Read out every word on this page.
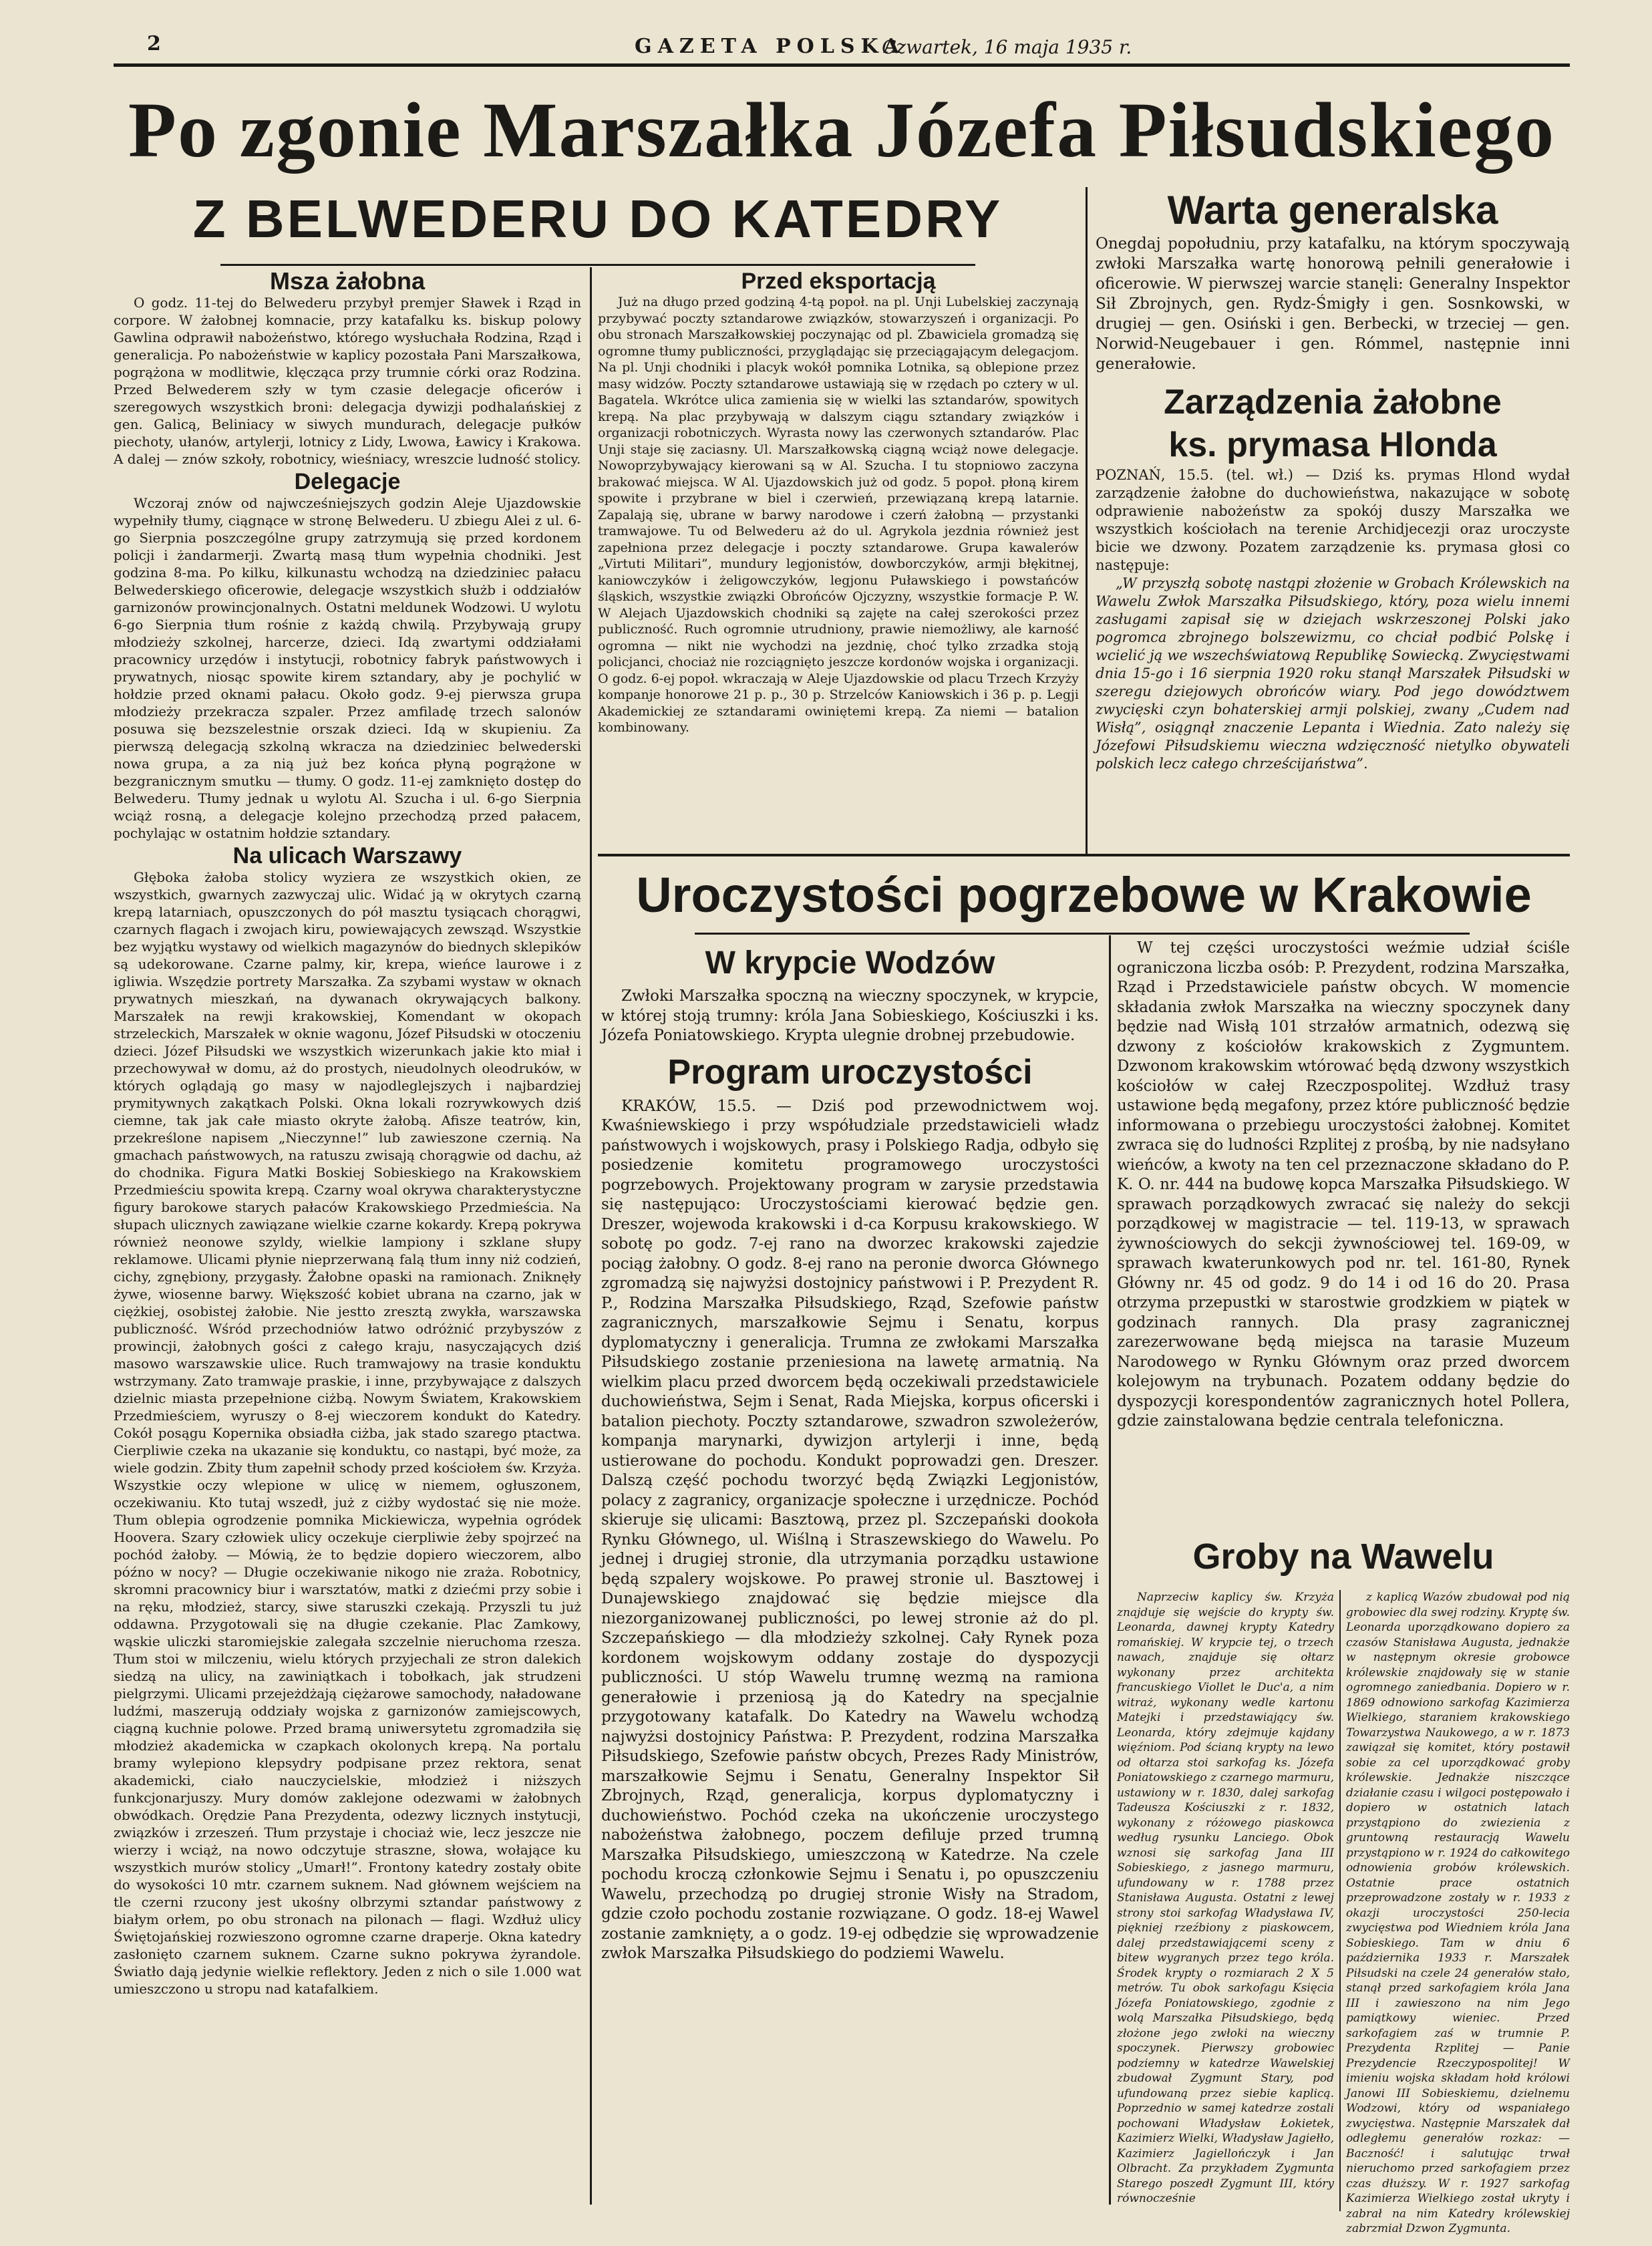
2	GAZETA POLSKA
Czwartek, 16 maja 1935 r.
Po zgonie Marszałka Józefa Piłsudskiego
Z BELWEDERU DO KATEDRY
Msza żałobna

O godz. 11-tej do Belwederu przybył premjer Sławek i Rząd in corpore. W żałobnej komnacie, przy katafalku ks. biskup polowy Gawlina odprawił nabożeństwo, którego wysłuchała Rodzina, Rząd i generalicja. Po nabożeństwie w kaplicy pozostała Pani Marszałkowa, pogrążona w modlitwie, klęcząca przy trumnie córki oraz Rodzina. Przed Belwederem szły w tym czasie delegacje oficerów i szeregowych wszystkich broni: delegacja dywizji podhalańskiej z gen. Galicą, Beliniacy w siwych mundurach, delegacje pułków piechoty, ułanów, artylerji, lotnicy z Lidy, Lwowa, Ławicy i Krakowa. A dalej — znów szkoły, robotnicy, wieśniacy, wreszcie ludność stolicy.

Delegacje

Wczoraj znów od najwcześniejszych godzin Aleje Ujazdowskie wypełniły tłumy, ciągnące w stronę Belwederu. U zbiegu Alei z ul. 6-go Sierpnia poszczególne grupy zatrzymują się przed kordonem policji i żandarmerji. Zwartą masą tłum wypełnia chodniki. Jest godzina 8-ma. Po kilku, kilkunastu wchodzą na dziedziniec pałacu Belwederskiego oficerowie, delegacje wszystkich służb i oddziałów garnizonów prowincjonalnych. Ostatni meldunek Wodzowi. U wylotu 6-go Sierpnia tłum rośnie z każdą chwilą. Przybywają grupy młodzieży szkolnej, harcerze, dzieci. Idą zwartymi oddziałami pracownicy urzędów i instytucji, robotnicy fabryk państwowych i prywatnych, niosąc spowite kirem sztandary, aby je pochylić w hołdzie przed oknami pałacu. Około godz. 9-ej pierwsza grupa młodzieży przekracza szpaler. Przez amfiladę trzech salonów posuwa się bezszelestnie orszak dzieci. Idą w skupieniu. Za pierwszą delegacją szkolną wkracza na dziedziniec belwederski nowa grupa, a za nią już bez końca płyną pogrążone w bezgranicznym smutku — tłumy. O godz. 11-ej zamknięto dostęp do Belwederu. Tłumy jednak u wylotu Al. Szucha i ul. 6-go Sierpnia wciąż rosną, a delegacje kolejno przechodzą przed pałacem, pochylając w ostatnim hołdzie sztandary.

Na ulicach Warszawy

Głęboka żałoba stolicy wyziera ze wszystkich okien, ze wszystkich, gwarnych zazwyczaj ulic. Widać ją w okrytych czarną krepą latarniach, opuszczonych do pół masztu tysiącach chorągwi, czarnych flagach i zwojach kiru, powiewających zewsząd. Wszystkie bez wyjątku wystawy od wielkich magazynów do biednych sklepików są udekorowane. Czarne palmy, kir, krepa, wieńce laurowe i z igliwia. Wszędzie portrety Marszałka. Za szybami wystaw w oknach prywatnych mieszkań, na dywanach okrywających balkony. Marszałek na rewji krakowskiej, Komendant w okopach strzeleckich, Marszałek w oknie wagonu, Józef Piłsudski w otoczeniu dzieci. Józef Piłsudski we wszystkich wizerunkach jakie kto miał i przechowywał w domu, aż do prostych, nieudolnych oleodruków, w których oglądają go masy w najodleglejszych i najbardziej prymitywnych zakątkach Polski. Okna lokali rozrywkowych dziś ciemne, tak jak całe miasto okryte żałobą. Afisze teatrów, kin, przekreślone napisem „Nieczynne!” lub zawieszone czernią. Na gmachach państwowych, na ratuszu zwisają chorągwie od dachu, aż do chodnika. Figura Matki Boskiej Sobieskiego na Krakowskiem Przedmieściu spowita krepą. Czarny woal okrywa charakterystyczne figury barokowe starych pałaców Krakowskiego Przedmieścia. Na słupach ulicznych zawiązane wielkie czarne kokardy. Krepą pokrywa również neonowe szyldy, wielkie lampiony i szklane słupy reklamowe. Ulicami płynie nieprzerwaną falą tłum inny niż codzień, cichy, zgnębiony, przygasły. Żałobne opaski na ramionach. Zniknęły żywe, wiosenne barwy. Większość kobiet ubrana na czarno, jak w ciężkiej, osobistej żałobie. Nie jestto zresztą zwykła, warszawska publiczność. Wśród przechodniów łatwo odróżnić przybyszów z prowincji, żałobnych gości z całego kraju, nasyczających dziś masowo warszawskie ulice. Ruch tramwajowy na trasie konduktu wstrzymany. Zato tramwaje praskie, i inne, przybywające z dalszych dzielnic miasta przepełnione ciżbą. Nowym Światem, Krakowskiem Przedmieściem, wyruszy o 8-ej wieczorem kondukt do Katedry. Cokół posągu Kopernika obsiadła ciżba, jak stado szarego ptactwa. Cierpliwie czeka na ukazanie się konduktu, co nastąpi, być może, za wiele godzin. Zbity tłum zapełnił schody przed kościołem św. Krzyża. Wszystkie oczy wlepione w ulicę w niemem, ogłuszonem, oczekiwaniu. Kto tutaj wszedł, już z ciżby wydostać się nie może. Tłum oblepia ogrodzenie pomnika Mickiewicza, wypełnia ogródek Hoovera. Szary człowiek ulicy oczekuje cierpliwie żeby spojrzeć na pochód żałoby. — Mówią, że to będzie dopiero wieczorem, albo późno w nocy? — Długie oczekiwanie nikogo nie zraża. Robotnicy, skromni pracownicy biur i warsztatów, matki z dziećmi przy sobie i na ręku, młodzież, starcy, siwe staruszki czekają. Przyszli tu już oddawna. Przygotowali się na długie czekanie. Plac Zamkowy, wąskie uliczki staromiejskie zalegała szczelnie nieruchoma rzesza. Tłum stoi w milczeniu, wielu których przyjechali ze stron dalekich siedzą na ulicy, na zawiniątkach i tobołkach, jak strudzeni pielgrzymi. Ulicami przejeżdżają ciężarowe samochody, naładowane ludźmi, maszerują oddziały wojska z garnizonów zamiejscowych, ciągną kuchnie polowe. Przed bramą uniwersytetu zgromadziła się młodzież akademicka w czapkach okolonych krepą. Na portalu bramy wylepiono klepsydry podpisane przez rektora, senat akademicki, ciało nauczycielskie, młodzież i niższych funkcjonarjuszy. Mury domów zaklejone odezwami w żałobnych obwódkach. Orędzie Pana Prezydenta, odezwy licznych instytucji, związków i zrzeszeń. Tłum przystaje i chociaż wie, lecz jeszcze nie wierzy i wciąż, na nowo odczytuje straszne, słowa, wołające ku wszystkich murów stolicy „Umarł!”. Frontony katedry zostały obite do wysokości 10 mtr. czarnem suknem. Nad głównem wejściem na tle czerni rzucony jest ukośny olbrzymi sztandar państwowy z białym orłem, po obu stronach na pilonach — flagi. Wzdłuż ulicy Świętojańskiej rozwieszono ogromne czarne draperje. Okna katedry zasłonięto czarnem suknem. Czarne sukno pokrywa żyrandole. Światło dają jedynie wielkie reflektory. Jeden z nich o sile 1.000 wat umieszczono u stropu nad katafalkiem.

Przed eksportacją

Już na długo przed godziną 4-tą popoł. na pl. Unji Lubelskiej zaczynają przybywać poczty sztandarowe związków, stowarzyszeń i organizacji. Po obu stronach Marszałkowskiej poczynając od pl. Zbawiciela gromadzą się ogromne tłumy publiczności, przyglądając się przeciągającym delegacjom. Na pl. Unji chodniki i placyk wokół pomnika Lotnika, są oblepione przez masy widzów. Poczty sztandarowe ustawiają się w rzędach po cztery w ul. Bagatela. Wkrótce ulica zamienia się w wielki las sztandarów, spowitych krepą. Na plac przybywają w dalszym ciągu sztandary związków i organizacji robotniczych. Wyrasta nowy las czerwonych sztandarów. Plac Unji staje się zaciasny. Ul. Marszałkowską ciągną wciąż nowe delegacje. Nowoprzybywający kierowani są w Al. Szucha. I tu stopniowo zaczyna brakować miejsca. W Al. Ujazdowskich już od godz. 5 popoł. płoną kirem spowite i przybrane w biel i czerwień, przewiązaną krepą latarnie. Zapalają się, ubrane w barwy narodowe i czerń żałobną — przystanki tramwajowe. Tu od Belwederu aż do ul. Agrykola jezdnia również jest zapełniona przez delegacje i poczty sztandarowe. Grupa kawalerów „Virtuti Militari”, mundury legjonistów, dowborczyków, armji błękitnej, kaniowczyków i żeligowczyków, legjonu Puławskiego i powstańców śląskich, wszystkie związki Obrońców Ojczyzny, wszystkie formacje P. W. W Alejach Ujazdowskich chodniki są zajęte na całej szerokości przez publiczność. Ruch ogromnie utrudniony, prawie niemożliwy, ale karność ogromna — nikt nie wychodzi na jezdnię, choć tylko zrzadka stoją policjanci, chociaż nie rozciągnięto jeszcze kordonów wojska i organizacji. O godz. 6-ej popoł. wkraczają w Aleje Ujazdowskie od placu Trzech Krzyży kompanje honorowe 21 p. p., 30 p. Strzelców Kaniowskich i 36 p. p. Legji Akademickiej ze sztandarami owiniętemi krepą. Za niemi — batalion kombinowany.

Warta generalska
Onegdaj popołudniu, przy katafalku, na którym spoczywają zwłoki Marszałka wartę honorową pełnili generałowie i oficerowie. W pierwszej warcie stanęli: Generalny Inspektor Sił Zbrojnych, gen. Rydz-Śmigły i gen. Sosnkowski, w drugiej — gen. Osiński i gen. Berbecki, w trzeciej — gen. Norwid-Neugebauer i gen. Rómmel, następnie inni generałowie.
Zarządzenia żałobne
ks. prymasa Hlonda
POZNAŃ, 15.5. (tel. wł.) — Dziś ks. prymas Hlond wydał zarządzenie żałobne do duchowieństwa, nakazujące w sobotę odprawienie nabożeństw za spokój duszy Marszałka we wszystkich kościołach na terenie Archidjecezji oraz uroczyste bicie we dzwony. Pozatem zarządzenie ks. prymasa głosi co następuje:
„W przyszłą sobotę nastąpi złożenie w Grobach Królewskich na Wawelu Zwłok Marszałka Piłsudskiego, który, poza wielu innemi zasługami zapisał się w dziejach wskrzeszonej Polski jako pogromca zbrojnego bolszewizmu, co chciał podbić Polskę i wcielić ją we wszechświatową Republikę Sowiecką. Zwycięstwami dnia 15-go i 16 sierpnia 1920 roku stanął Marszałek Piłsudski w szeregu dziejowych obrońców wiary. Pod jego dowództwem zwycięski czyn bohaterskiej armji polskiej, zwany „Cudem nad Wisłą”, osiągnął znaczenie Lepanta i Wiednia. Zato należy się Józefowi Piłsudskiemu wieczna wdzięczność nietylko obywateli polskich lecz całego chrześcijaństwa”.
Uroczystości pogrzebowe w Krakowie
W krypcie Wodzów

Zwłoki Marszałka spoczną na wieczny spoczynek, w krypcie, w której stoją trumny: króla Jana Sobieskiego, Kościuszki i ks. Józefa Poniatowskiego. Krypta ulegnie drobnej przebudowie.

Program uroczystości

KRAKÓW, 15.5. — Dziś pod przewodnictwem woj. Kwaśniewskiego i przy współudziale przedstawicieli władz państwowych i wojskowych, prasy i Polskiego Radja, odbyło się posiedzenie komitetu programowego uroczystości pogrzebowych. Projektowany program w zarysie przedstawia się następująco: Uroczystościami kierować będzie gen. Dreszer, wojewoda krakowski i d-ca Korpusu krakowskiego. W sobotę po godz. 7-ej rano na dworzec krakowski zajedzie pociąg żałobny. O godz. 8-ej rano na peronie dworca Głównego zgromadzą się najwyżsi dostojnicy państwowi i P. Prezydent R. P., Rodzina Marszałka Piłsudskiego, Rząd, Szefowie państw zagranicznych, marszałkowie Sejmu i Senatu, korpus dyplomatyczny i generalicja. Trumna ze zwłokami Marszałka Piłsudskiego zostanie przeniesiona na lawetę armatnią. Na wielkim placu przed dworcem będą oczekiwali przedstawiciele duchowieństwa, Sejm i Senat, Rada Miejska, korpus oficerski i batalion piechoty. Poczty sztandarowe, szwadron szwoleżerów, kompanja marynarki, dywizjon artylerji i inne, będą ustierowane do pochodu. Kondukt poprowadzi gen. Dreszer. Dalszą część pochodu tworzyć będą Związki Legjonistów, polacy z zagranicy, organizacje społeczne i urzędnicze. Pochód skieruje się ulicami: Basztową, przez pl. Szczepański dookoła Rynku Głównego, ul. Wiślną i Straszewskiego do Wawelu. Po jednej i drugiej stronie, dla utrzymania porządku ustawione będą szpalery wojskowe. Po prawej stronie ul. Basztowej i Dunajewskiego znajdować się będzie miejsce dla niezorganizowanej publiczności, po lewej stronie aż do pl. Szczepańskiego — dla młodzieży szkolnej. Cały Rynek poza kordonem wojskowym oddany zostaje do dyspozycji publiczności. U stóp Wawelu trumnę wezmą na ramiona generałowie i przeniosą ją do Katedry na specjalnie przygotowany katafalk. Do Katedry na Wawelu wchodzą najwyżsi dostojnicy Państwa: P. Prezydent, rodzina Marszałka Piłsudskiego, Szefowie państw obcych, Prezes Rady Ministrów, marszałkowie Sejmu i Senatu, Generalny Inspektor Sił Zbrojnych, Rząd, generalicja, korpus dyplomatyczny i duchowieństwo. Pochód czeka na ukończenie uroczystego nabożeństwa żałobnego, poczem defiluje przed trumną Marszałka Piłsudskiego, umieszczoną w Katedrze. Na czele pochodu kroczą członkowie Sejmu i Senatu i, po opuszczeniu Wawelu, przechodzą po drugiej stronie Wisły na Stradom, gdzie czoło pochodu zostanie rozwiązane. O godz. 18-ej Wawel zostanie zamknięty, a o godz. 19-ej odbędzie się wprowadzenie zwłok Marszałka Piłsudskiego do podziemi Wawelu.

W tej części uroczystości weźmie udział ściśle ograniczona liczba osób: P. Prezydent, rodzina Marszałka, Rząd i Przedstawiciele państw obcych. W momencie składania zwłok Marszałka na wieczny spoczynek dany będzie nad Wisłą 101 strzałów armatnich, odezwą się dzwony z kościołów krakowskich z Zygmuntem. Dzwonom krakowskim wtórować będą dzwony wszystkich kościołów w całej Rzeczpospolitej. Wzdłuż trasy ustawione będą megafony, przez które publiczność będzie informowana o przebiegu uroczystości żałobnej. Komitet zwraca się do ludności Rzplitej z prośbą, by nie nadsyłano wieńców, a kwoty na ten cel przeznaczone składano do P. K. O. nr. 444 na budowę kopca Marszałka Piłsudskiego. W sprawach porządkowych zwracać się należy do sekcji porządkowej w magistracie — tel. 119-13, w sprawach żywnościowych do sekcji żywnościowej tel. 169-09, w sprawach kwaterunkowych pod nr. tel. 161-80, Rynek Główny nr. 45 od godz. 9 do 14 i od 16 do 20. Prasa otrzyma przepustki w starostwie grodzkiem w piątek w godzinach rannych. Dla prasy zagranicznej zarezerwowane będą miejsca na tarasie Muzeum Narodowego w Rynku Głównym oraz przed dworcem kolejowym na trybunach. Pozatem oddany będzie do dyspozycji korespondentów zagranicznych hotel Pollera, gdzie zainstalowana będzie centrala telefoniczna.

Groby na Wawelu

Naprzeciw kaplicy św. Krzyża znajduje się wejście do krypty św. Leonarda, dawnej krypty Katedry romańskiej. W krypcie tej, o trzech nawach, znajduje się ołtarz wykonany przez architekta francuskiego Viollet le Duc'a, a nim witraż, wykonany wedle kartonu Matejki i przedstawiający św. Leonarda, który zdejmuje kajdany więźniom. Pod ścianą krypty na lewo od ołtarza stoi sarkofag ks. Józefa Poniatowskiego z czarnego marmuru, ustawiony w r. 1830, dalej sarkofag Tadeusza Kościuszki z r. 1832, wykonany z różowego piaskowca według rysunku Lanciego. Obok wznosi się sarkofag Jana III Sobieskiego, z jasnego marmuru, ufundowany w r. 1788 przez Stanisława Augusta. Ostatni z lewej strony stoi sarkofag Władysława IV, piękniej rzeźbiony z piaskowcem, dalej przedstawiającemi sceny z bitew wygranych przez tego króla. Środek krypty o rozmiarach 2 X 5 metrów. Tu obok sarkofagu Księcia Józefa Poniatowskiego, zgodnie z wolą Marszałka Piłsudskiego, będą złożone jego zwłoki na wieczny spoczynek. Pierwszy grobowiec podziemny w katedrze Wawelskiej zbudował Zygmunt Stary, pod ufundowaną przez siebie kaplicą. Poprzednio w samej katedrze zostali pochowani Władysław Łokietek, Kazimierz Wielki, Władysław Jagiełło, Kazimierz Jagiellończyk i Jan Olbracht. Za przykładem Zygmunta Starego poszedł Zygmunt III, który równocześnie

z kaplicą Wazów zbudował pod nią grobowiec dla swej rodziny. Kryptę św. Leonarda uporządkowano dopiero za czasów Stanisława Augusta, jednakże w następnym okresie grobowce królewskie znajdowały się w stanie ogromnego zaniedbania. Dopiero w r. 1869 odnowiono sarkofag Kazimierza Wielkiego, staraniem krakowskiego Towarzystwa Naukowego, a w r. 1873 zawiązał się komitet, który postawił sobie za cel uporządkować groby królewskie. Jednakże niszczące działanie czasu i wilgoci postępowało i dopiero w ostatnich latach przystąpiono do zwiezienia z gruntowną restauracją Wawelu przystąpiono w r. 1924 do całkowitego odnowienia grobów królewskich. Ostatnie prace ostatnich przeprowadzone zostały w r. 1933 z okazji uroczystości 250-lecia zwycięstwa pod Wiedniem króla Jana Sobieskiego. Tam w dniu 6 października 1933 r. Marszałek Piłsudski na czele 24 generałów stało, stanął przed sarkofagiem króla Jana III i zawieszono na nim Jego pamiątkowy wieniec. Przed sarkofagiem zaś w trumnie P. Prezydenta Rzplitej — Panie Prezydencie Rzeczypospolitej! W imieniu wojska składam hołd królowi Janowi III Sobieskiemu, dzielnemu Wodzowi, który od wspaniałego zwycięstwa. Następnie Marszałek dał odległemu generałów rozkaz: — Baczność! i salutując trwał nieruchomo przed sarkofagiem przez czas dłuższy. W r. 1927 sarkofag Kazimierza Wielkiego został ukryty i zabrał na nim Katedry królewskiej zabrzmiał Dzwon Zygmunta.
